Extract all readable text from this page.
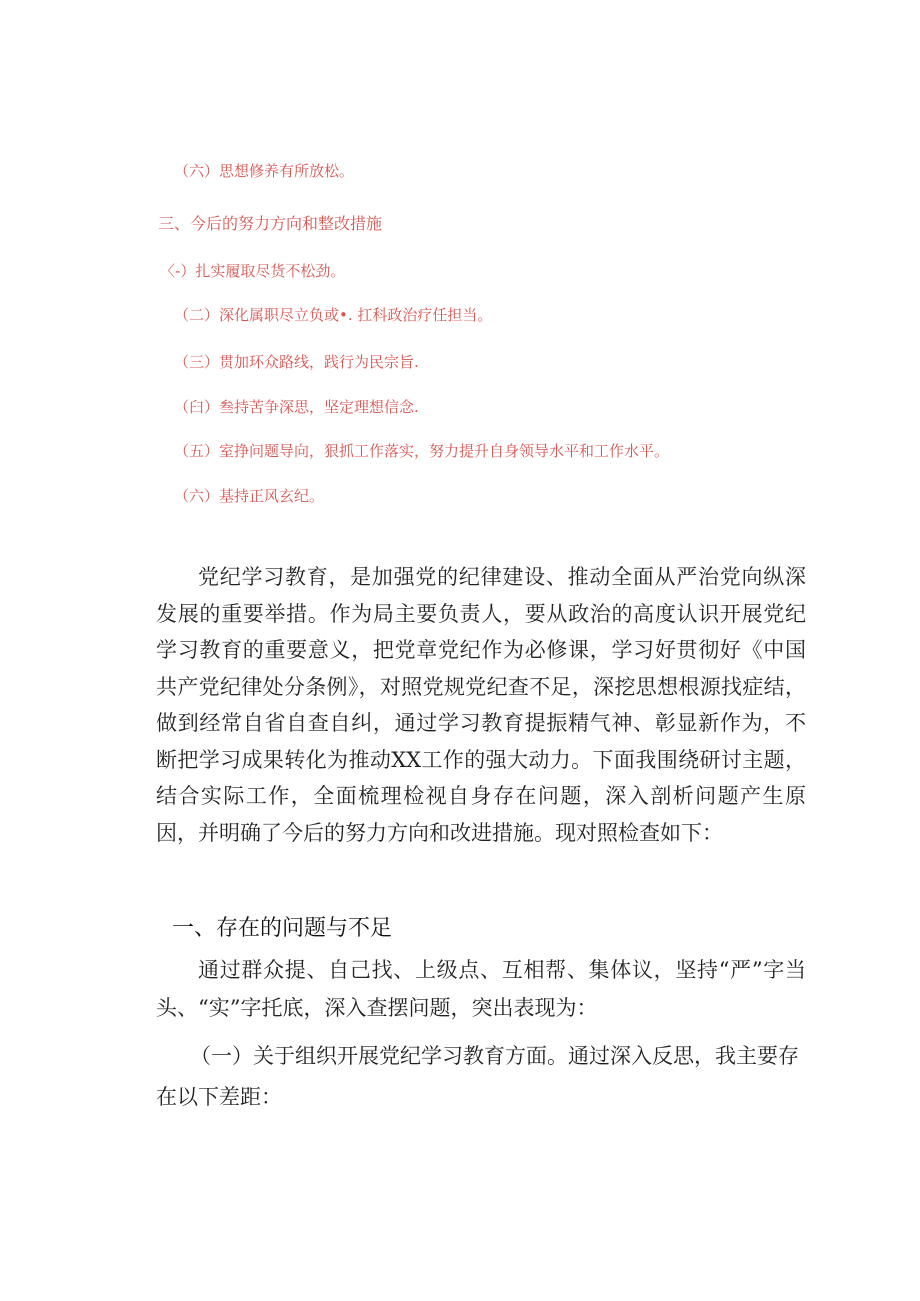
（六）思想修养有所放松。
三、今后的努力方向和整改措施
〈-）扎实履取尽货不松劲。
（二）深化属职尽立负或•. 扛科政治疗任担当。
（三）贯加环众路线，践行为民宗旨.
（臼）叁持苦争深思，坚定理想信念.
（五）室挣问题导向，狠抓工作落实，努力提升自身领导水平和工作水平。
（六）基持正风玄纪。

党纪学习教育，是加强党的纪律建设、推动全面从严治党向纵深发展的重要举措。作为局主要负责人，要从政治的高度认识开展党纪学习教育的重要意义，把党章党纪作为必修课，学习好贯彻好《中国共产党纪律处分条例》，对照党规党纪查不足，深挖思想根源找症结，做到经常自省自查自纠，通过学习教育提振精气神、彰显新作为，不断把学习成果转化为推动XX工作的强大动力。下面我围绕研讨主题，结合实际工作，全面梳理检视自身存在问题，深入剖析问题产生原因，并明确了今后的努力方向和改进措施。现对照检查如下：

一、存在的问题与不足

通过群众提、自己找、上级点、互相帮、集体议，坚持“严”字当头、“实”字托底，深入查摆问题，突出表现为：

（一）关于组织开展党纪学习教育方面。通过深入反思，我主要存在以下差距：
